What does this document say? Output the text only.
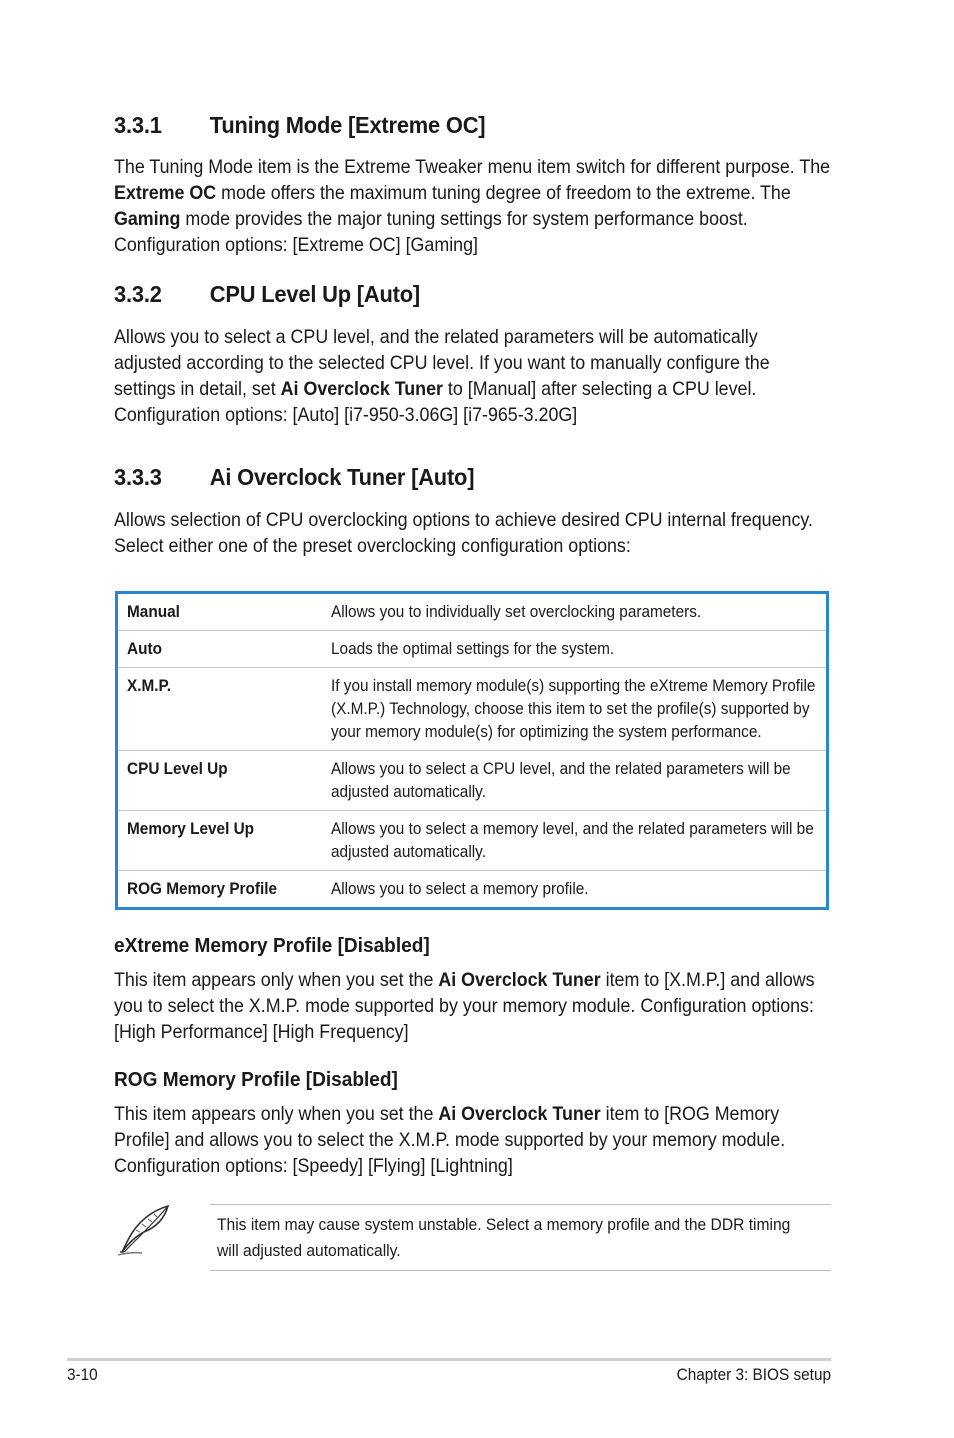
3.3.1 Tuning Mode [Extreme OC]

The Tuning Mode item is the Extreme Tweaker menu item switch for different purpose. The Extreme OC mode offers the maximum tuning degree of freedom to the extreme. The Gaming mode provides the major tuning settings for system performance boost. Configuration options: [Extreme OC] [Gaming]

3.3.2 CPU Level Up [Auto]

Allows you to select a CPU level, and the related parameters will be automatically adjusted according to the selected CPU level. If you want to manually configure the settings in detail, set Ai Overclock Tuner to [Manual] after selecting a CPU level. Configuration options: [Auto] [i7-950-3.06G] [i7-965-3.20G]

3.3.3 Ai Overclock Tuner [Auto]

Allows selection of CPU overclocking options to achieve desired CPU internal frequency. Select either one of the preset overclocking configuration options:

Manual	Allows you to individually set overclocking parameters.
Auto	Loads the optimal settings for the system.
X.M.P.	If you install memory module(s) supporting the eXtreme Memory Profile (X.M.P.) Technology, choose this item to set the profile(s) supported by your memory module(s) for optimizing the system performance.
CPU Level Up	Allows you to select a CPU level, and the related parameters will be adjusted automatically.
Memory Level Up	Allows you to select a memory level, and the related parameters will be adjusted automatically.
ROG Memory Profile	Allows you to select a memory profile.
eXtreme Memory Profile [Disabled]

This item appears only when you set the Ai Overclock Tuner item to [X.M.P.] and allows you to select the X.M.P. mode supported by your memory module. Configuration options: [High Performance] [High Frequency]

ROG Memory Profile [Disabled]

This item appears only when you set the Ai Overclock Tuner item to [ROG Memory Profile] and allows you to select the X.M.P. mode supported by your memory module. Configuration options: [Speedy] [Flying] [Lightning]

This item may cause system unstable. Select a memory profile and the DDR timing will adjusted automatically.

3-10	Chapter 3: BIOS setup
